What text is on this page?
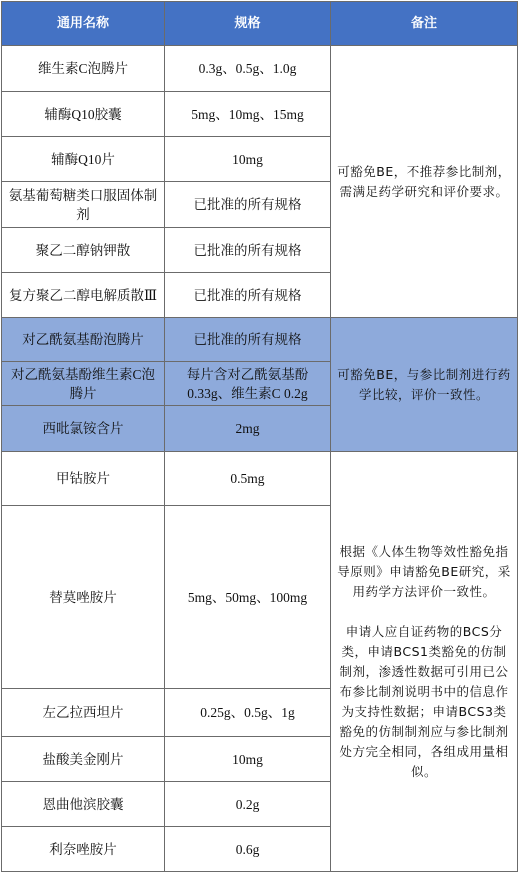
通用名称	规格	备注
维生素C泡腾片	0.3g、0.5g、1.0g	可豁免BE，不推荐参比制剂，需满足药学研究和评价要求。

辅酶Q10胶囊	5mg、10mg、15mg	
辅酶Q10片	10mg	
氨基葡萄糖类口服固体制剂	已批准的所有规格	
聚乙二醇钠钾散	已批准的所有规格	
复方聚乙二醇电解质散Ⅲ	已批准的所有规格	
对乙酰氨基酚泡腾片	已批准的所有规格	可豁免BE，与参比制剂进行药学比较，评价一致性。

对乙酰氨基酚维生素C泡腾片	每片含对乙酰氨基酚0.33g、维生素C 0.2g	
西吡氯铵含片	2mg	
甲钴胺片	0.5mg	根据《人体生物等效性豁免指导原则》申请豁免BE研究，采用药学方法评价一致性。

申请人应自证药物的BCS分类，申请BCS1类豁免的仿制制剂，渗透性数据可引用已公布参比制剂说明书中的信息作为支持性数据；申请BCS3类豁免的仿制制剂应与参比制剂处方完全相同，各组成用量相似。

替莫唑胺片	5mg、50mg、100mg	
左乙拉西坦片	0.25g、0.5g、1g	
盐酸美金刚片	10mg	
恩曲他滨胶囊	0.2g	
利奈唑胺片	0.6g	
